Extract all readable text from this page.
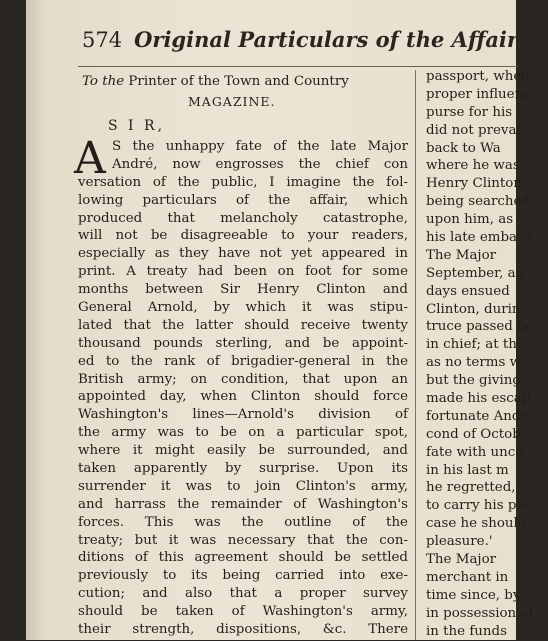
574 Original Particulars of the Affair of
To the Printer of the Town and Country
MAGAZINE.
S I R,
S the unhappy fate of the late Major
André, now engrosses the chief con
versation of the public, I imagine the fol-
lowing particulars of the affair, which
produced that melancholy catastrophe,
will not be disagreeable to your readers,
especially as they have not yet appeared in
print. A treaty had been on foot for some
months between Sir Henry Clinton and
General Arnold, by which it was stipu-
lated that the latter should receive twenty
thousand pounds sterling, and be appoint-
ed to the rank of brigadier-general in the
British army; on condition, that upon an
appointed day, when Clinton should force
Washington's lines—Arnold's division of
the army was to be on a particular spot,
where it might easily be surrounded, and
taken apparently by surprise. Upon its
surrender it was to join Clinton's army,
and harrass the remainder of Washington's
forces. This was the outline of the
treaty; but it was necessary that the con-
ditions of this agreement should be settled
previously to its being carried into exe-
cution; and also that a proper survey
should be taken of Washington's army,
their strength, dispositions, &c. There
A
passport, when
proper influenc
purse for his
did not prevai
back to Wa
where he was
Henry Clinton
being searched
upon him, as
his late embass
The Major
September, an
days ensued
Clinton, durin
truce passed be
in chief; at th
as no terms w
but the giving
made his escap
fortunate Andr
cond of Octob
fate with unco
in his last m
he regretted,
to carry his pla
case he should
pleasure.'
The Major
merchant in
time since, by
in possession of
in the funds
